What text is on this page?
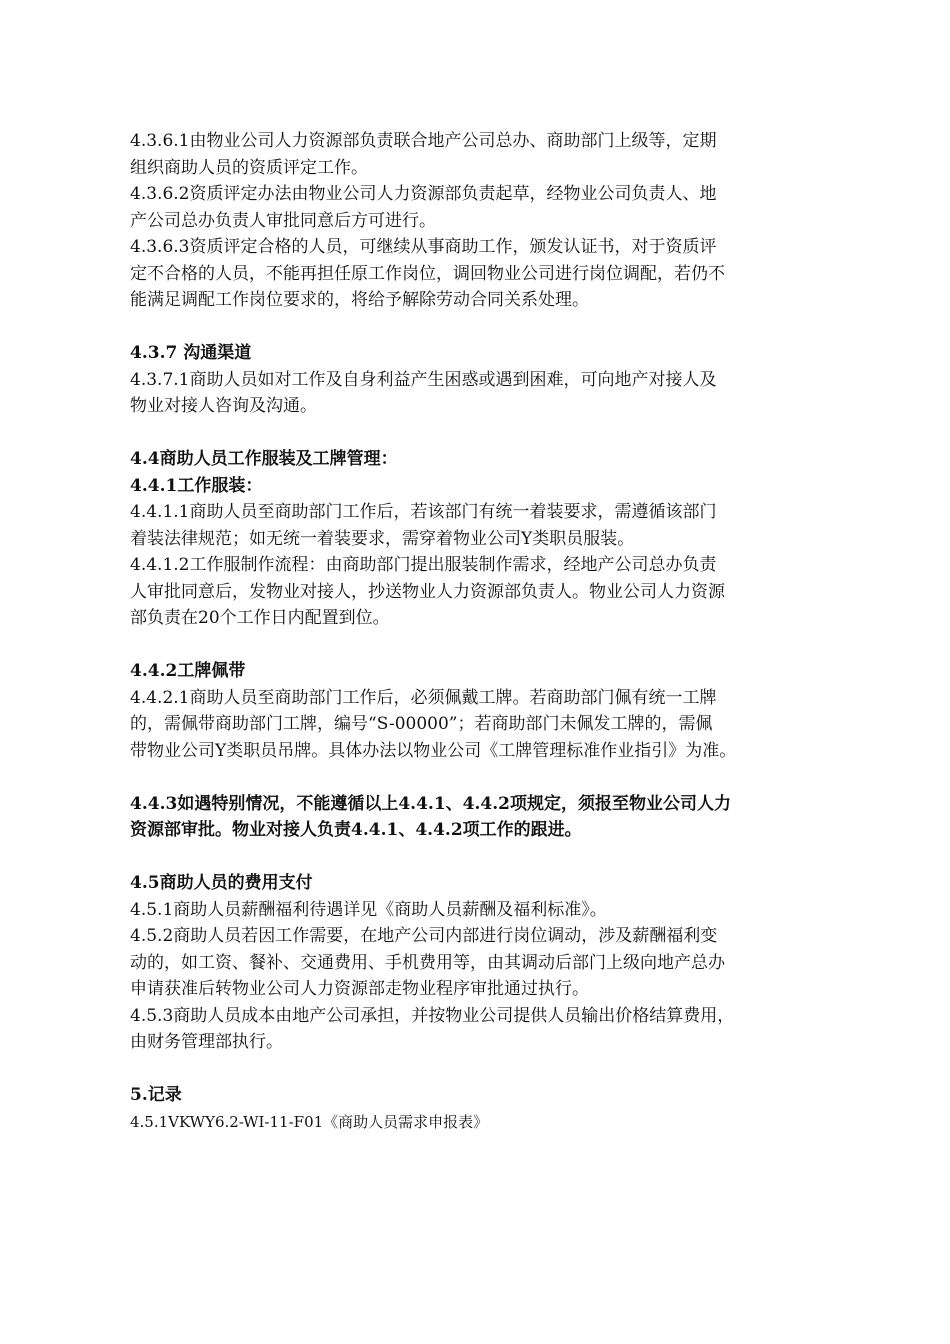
4.3.6.1由物业公司人力资源部负责联合地产公司总办、商助部门上级等，定期
组织商助人员的资质评定工作。
4.3.6.2资质评定办法由物业公司人力资源部负责起草，经物业公司负责人、地
产公司总办负责人审批同意后方可进行。
4.3.6.3资质评定合格的人员，可继续从事商助工作，颁发认证书，对于资质评
定不合格的人员，不能再担任原工作岗位，调回物业公司进行岗位调配，若仍不
能满足调配工作岗位要求的，将给予解除劳动合同关系处理。
4.3.7 沟通渠道
4.3.7.1商助人员如对工作及自身利益产生困惑或遇到困难，可向地产对接人及
物业对接人咨询及沟通。
4.4商助人员工作服装及工牌管理：
4.4.1工作服装：
4.4.1.1商助人员至商助部门工作后，若该部门有统一着装要求，需遵循该部门
着装法律规范；如无统一着装要求，需穿着物业公司Y类职员服装。
4.4.1.2工作服制作流程：由商助部门提出服装制作需求，经地产公司总办负责
人审批同意后，发物业对接人，抄送物业人力资源部负责人。物业公司人力资源
部负责在20个工作日内配置到位。
4.4.2工牌佩带
4.4.2.1商助人员至商助部门工作后，必须佩戴工牌。若商助部门佩有统一工牌
的，需佩带商助部门工牌，编号“S-00000”；若商助部门未佩发工牌的，需佩
带物业公司Y类职员吊牌。具体办法以物业公司《工牌管理标准作业指引》为准。
4.4.3如遇特别情况，不能遵循以上4.4.1、4.4.2项规定，须报至物业公司人力
资源部审批。物业对接人负责4.4.1、4.4.2项工作的跟进。
4.5商助人员的费用支付
4.5.1商助人员薪酬福利待遇详见《商助人员薪酬及福利标准》。
4.5.2商助人员若因工作需要，在地产公司内部进行岗位调动，涉及薪酬福利变
动的，如工资、餐补、交通费用、手机费用等，由其调动后部门上级向地产总办
申请获准后转物业公司人力资源部走物业程序审批通过执行。
4.5.3商助人员成本由地产公司承担，并按物业公司提供人员输出价格结算费用，
由财务管理部执行。
5.记录
4.5.1VKWY6.2-WI-11-F01《商助人员需求申报表》
